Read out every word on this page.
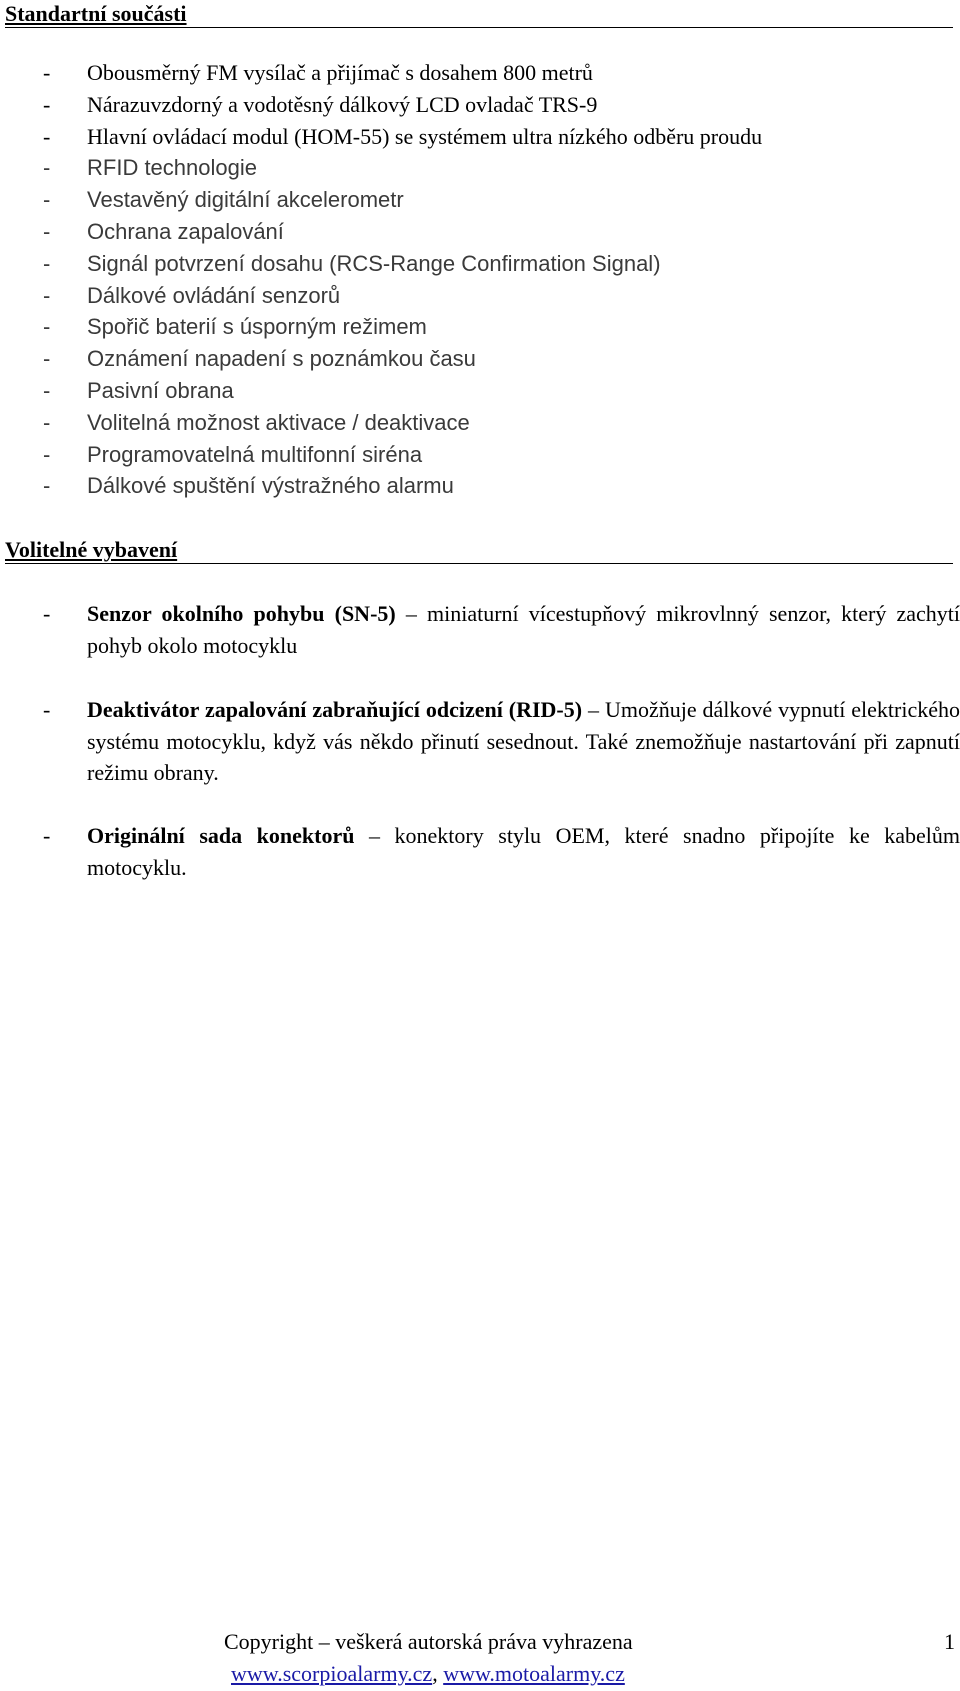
Standartní součásti
- Obousměrný FM vysílač a přijímač s dosahem 800 metrů
- Nárazuvzdorný a vodotěsný dálkový LCD ovladač TRS-9
- Hlavní ovládací modul (HOM-55) se systémem ultra nízkého odběru proudu
- RFID technologie
- Vestavěný digitální akcelerometr
- Ochrana zapalování
- Signál potvrzení dosahu (RCS-Range Confirmation Signal)
- Dálkové ovládání senzorů
- Spořič baterií s úsporným režimem
- Oznámení napadení s poznámkou času
- Pasivní obrana
- Volitelná možnost aktivace / deaktivace
- Programovatelná multifonní siréna
- Dálkové spuštění výstražného alarmu
Volitelné vybavení
- Senzor okolního pohybu (SN-5) – miniaturní vícestupňový mikrovlnný senzor, který zachytí pohyb okolo motocyklu
- Deaktivátor zapalování zabraňující odcizení (RID-5) – Umožňuje dálkové vypnutí elektrického systému motocyklu, když vás někdo přinutí sesednout. Také znemožňuje nastartování při zapnutí režimu obrany.
- Originální sada konektorů – konektory stylu OEM, které snadno připojíte ke kabelům motocyklu.
Copyright – veškerá autorská práva vyhrazena	1
www.scorpioalarmy.cz, www.motoalarmy.cz
